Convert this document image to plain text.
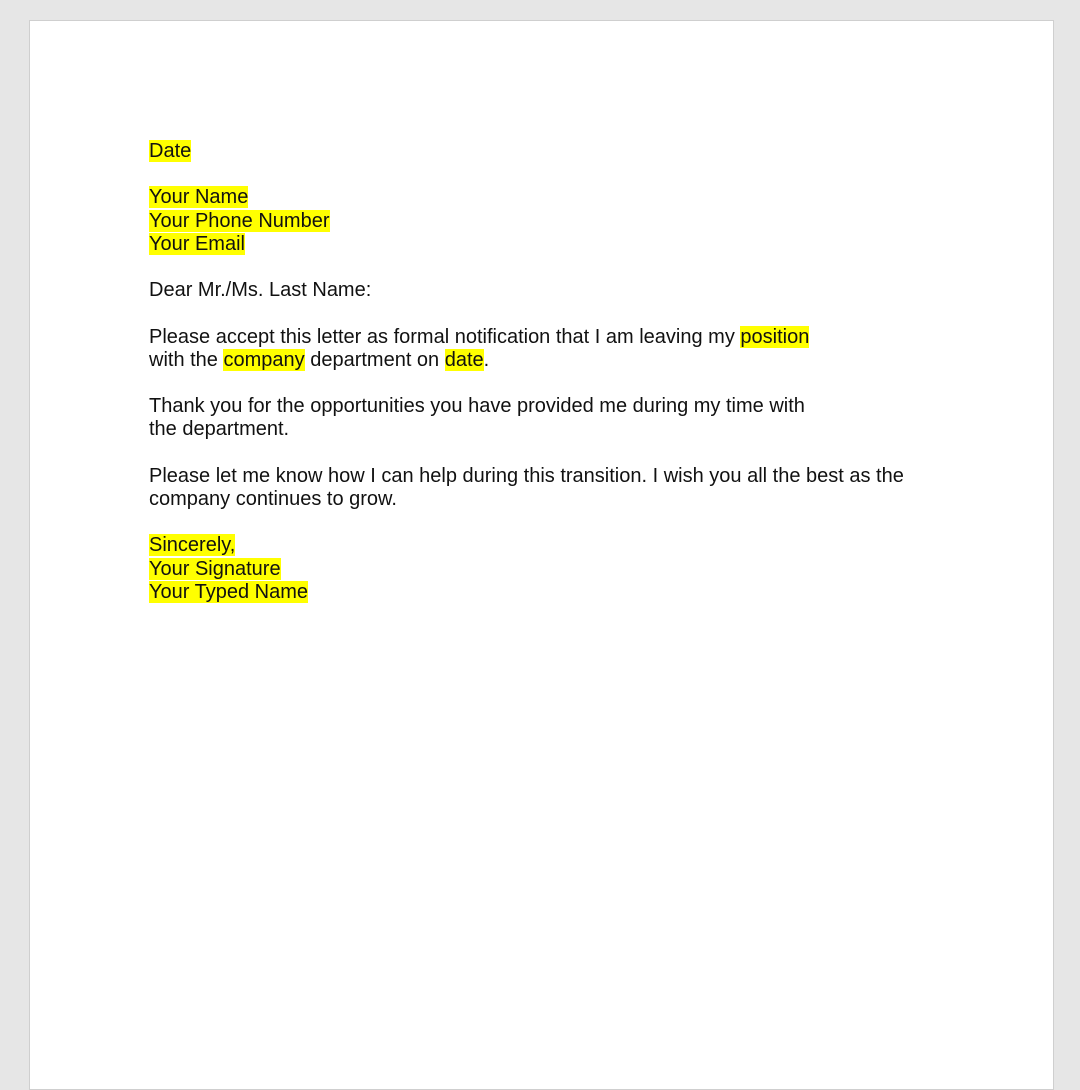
Date
Your Name
Your Phone Number
Your Email
Dear Mr./Ms. Last Name:
Please accept this letter as formal notification that I am leaving my position
with the company department on date.
Thank you for the opportunities you have provided me during my time with
the department.
Please let me know how I can help during this transition. I wish you all the best as the
company continues to grow.
Sincerely,
Your Signature
Your Typed Name
